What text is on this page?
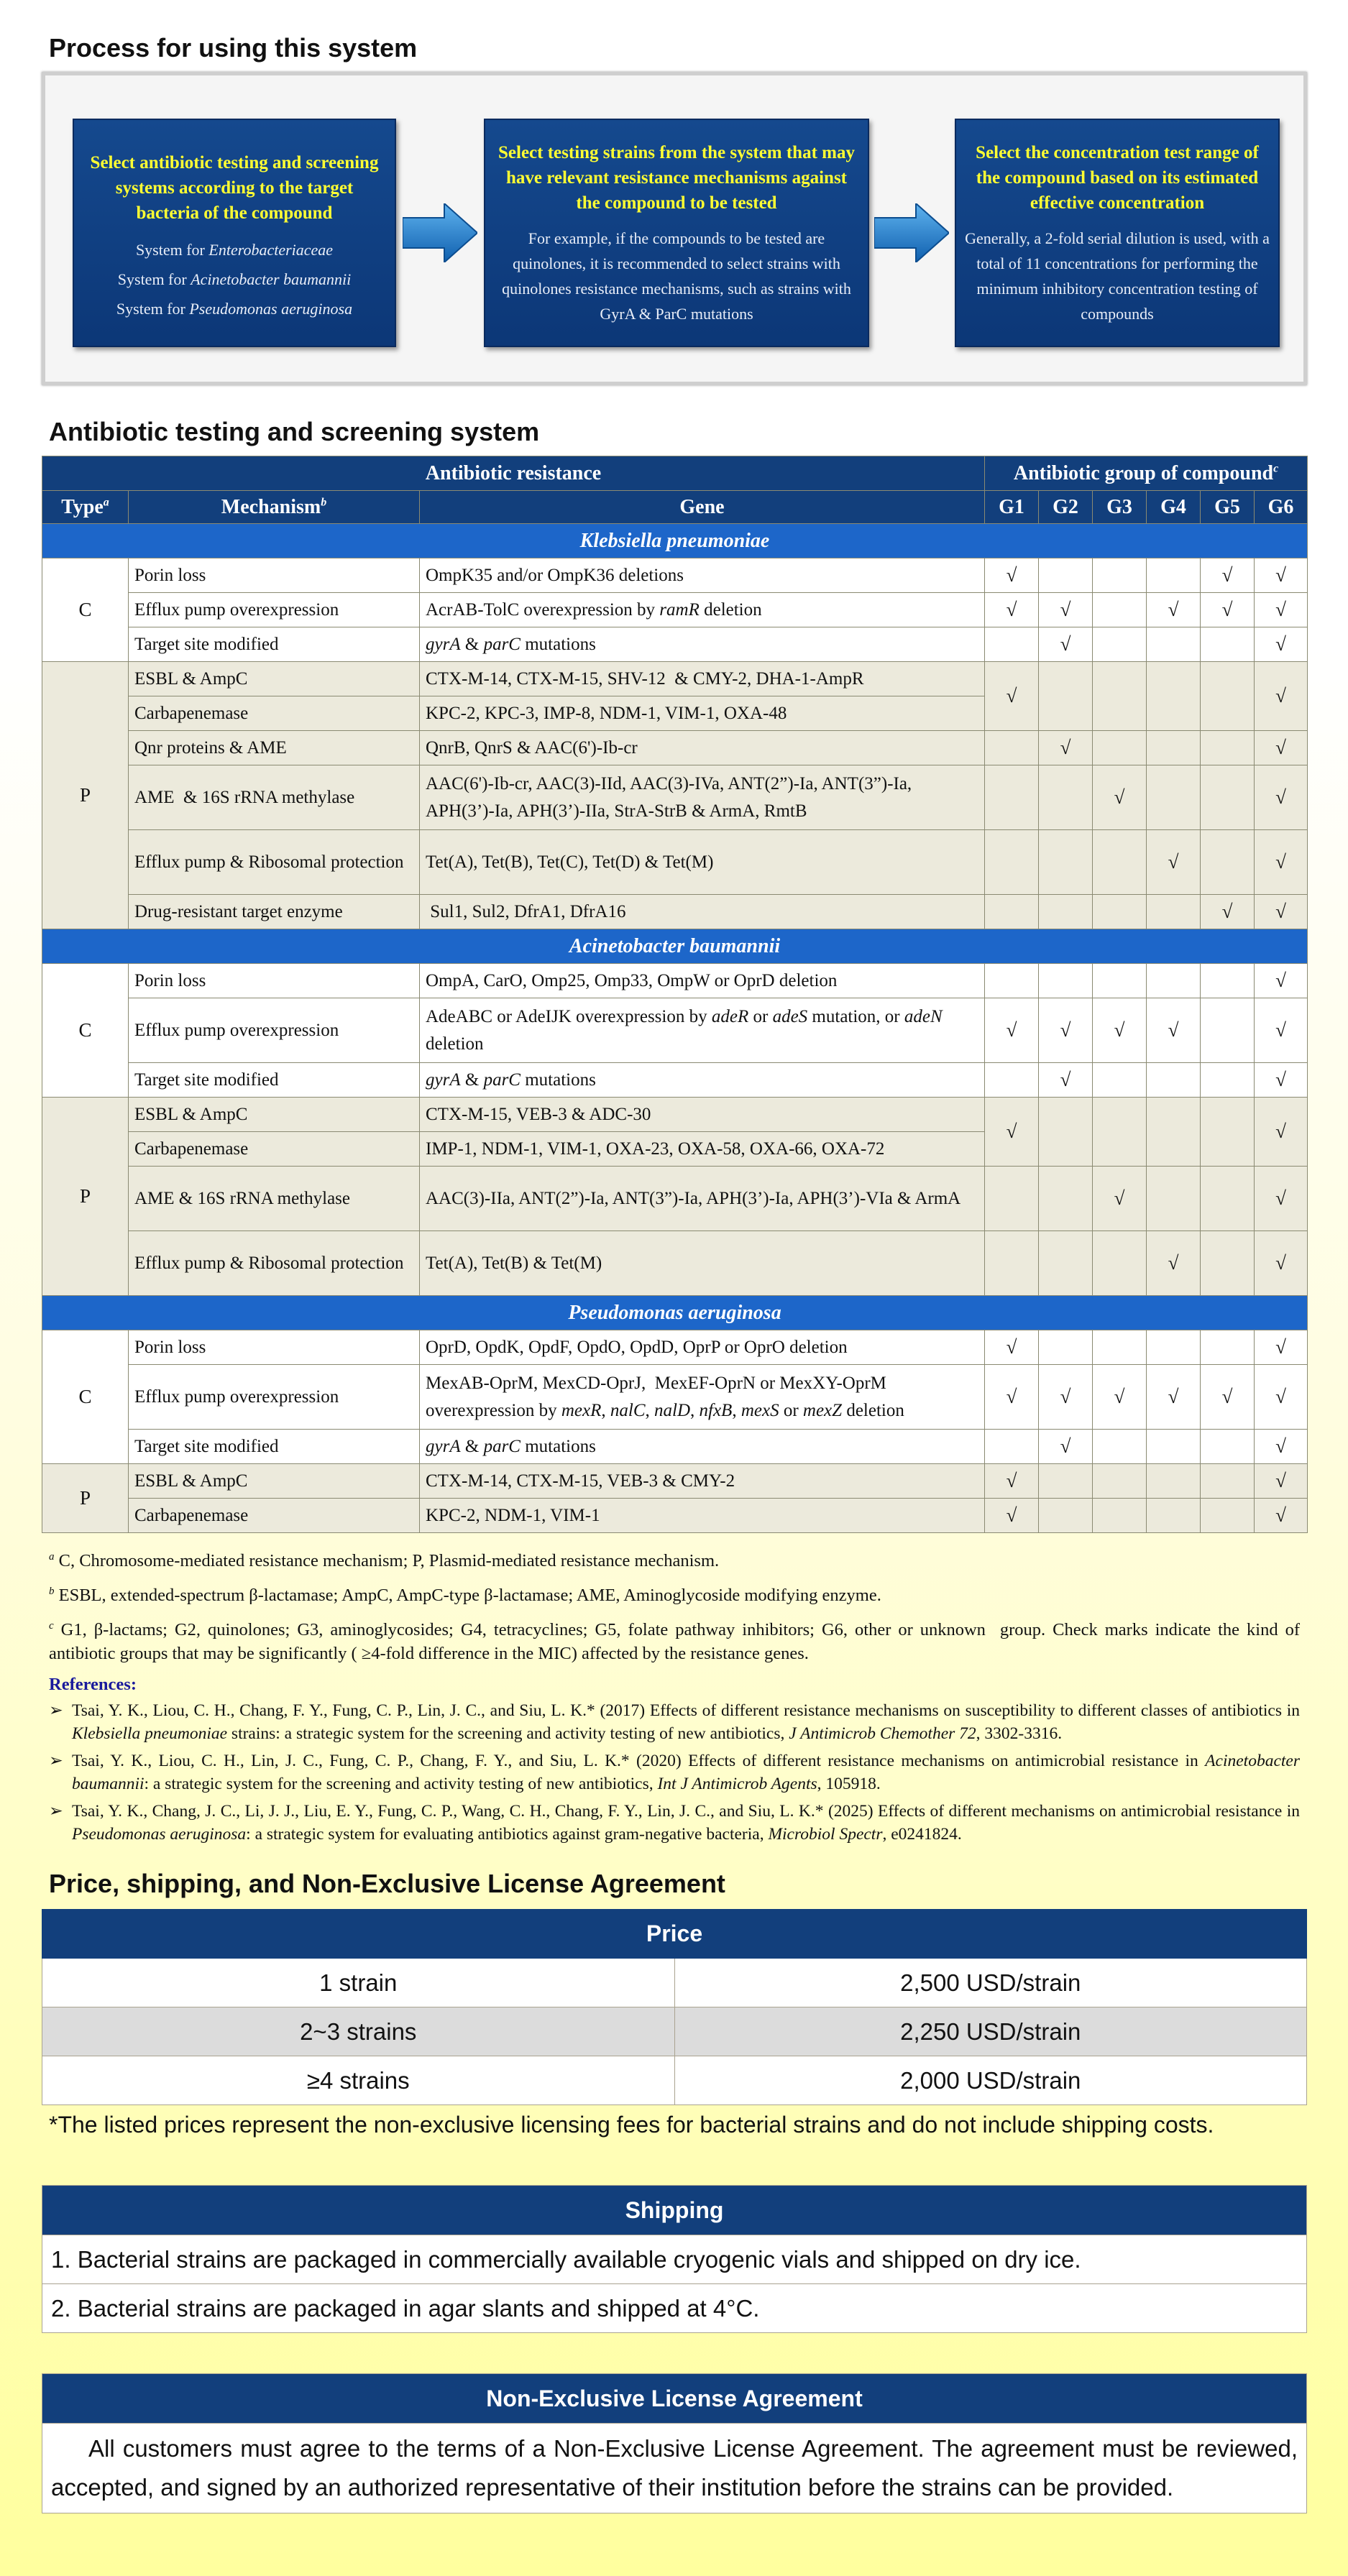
Process for using this system
Select antibiotic testing and screening systems according to the target bacteria of the compound
System for Enterobacteriaceae
System for Acinetobacter baumannii
System for Pseudomonas aeruginosa
Select testing strains from the system that may have relevant resistance mechanisms against the compound to be tested
For example, if the compounds to be tested are quinolones, it is recommended to select strains with quinolones resistance mechanisms, such as strains with GyrA & ParC mutations
Select the concentration test range of the compound based on its estimated effective concentration
Generally, a 2-fold serial dilution is used, with a total of 11 concentrations for performing the minimum inhibitory concentration testing of compounds
Antibiotic testing and screening system
Antibiotic resistance			Antibiotic group of compound$^c$
Type$^a$	Mechanism$^b$	Gene	G1	G2	G3	G4	G5	G6
Klebsiella pneumoniae								
C	Porin loss	OmpK35 and/or OmpK36 deletions	√				√	√
	Efflux pump overexpression	AcrAB-TolC overexpression by ramR deletion	√	√		√	√	√
	Target site modified	gyrA & parC mutations		√				√
P	ESBL & AmpC	CTX-M-14, CTX-M-15, SHV-12  & CMY-2, DHA-1-AmpR	√					√
	Carbapenemase	KPC-2, KPC-3, IMP-8, NDM-1, VIM-1, OXA-48						
	Qnr proteins & AME	QnrB, QnrS & AAC(6')-Ib-cr		√				√
	AME  & 16S rRNA methylase	AAC(6')-Ib-cr, AAC(3)-IId, AAC(3)-IVa, ANT(2”)-Ia, ANT(3”)-Ia, APH(3’)-Ia, APH(3’)-IIa, StrA-StrB & ArmA, RmtB			√			√
	Efflux pump & Ribosomal protection	Tet(A), Tet(B), Tet(C), Tet(D) & Tet(M)				√		√
	Drug-resistant target enzyme	Sul1, Sul2, DfrA1, DfrA16					√	√
Acinetobacter baumannii								
C	Porin loss	OmpA, CarO, Omp25, Omp33, OmpW or OprD deletion						√
	Efflux pump overexpression	AdeABC or AdeIJK overexpression by adeR or adeS mutation, or adeN deletion	√	√	√	√		√
	Target site modified	gyrA & parC mutations		√				√
P	ESBL & AmpC	CTX-M-15, VEB-3 & ADC-30	√					√
	Carbapenemase	IMP-1, NDM-1, VIM-1, OXA-23, OXA-58, OXA-66, OXA-72						
	AME & 16S rRNA methylase	AAC(3)-IIa, ANT(2”)-Ia, ANT(3”)-Ia, APH(3’)-Ia, APH(3’)-VIa & ArmA			√			√
	Efflux pump & Ribosomal protection	Tet(A), Tet(B) & Tet(M)				√		√
Pseudomonas aeruginosa								
C	Porin loss	OprD, OpdK, OpdF, OpdO, OpdD, OprP or OprO deletion	√					√
	Efflux pump overexpression	MexAB-OprM, MexCD-OprJ,  MexEF-OprN or MexXY-OprM overexpression by mexR, nalC, nalD, nfxB, mexS or mexZ deletion	√	√	√	√	√	√
	Target site modified	gyrA & parC mutations		√				√
P	ESBL & AmpC	CTX-M-14, CTX-M-15, VEB-3 & CMY-2	√					√
	Carbapenemase	KPC-2, NDM-1, VIM-1	√					√

$^a$ C, Chromosome-mediated resistance mechanism; P, Plasmid-mediated resistance mechanism.

$^b$ ESBL, extended-spectrum β-lactamase; AmpC, AmpC-type β-lactamase; AME, Aminoglycoside modifying enzyme.

$^c$ G1, β-lactams; G2, quinolones; G3, aminoglycosides; G4, tetracyclines; G5, folate pathway inhibitors; G6, other or unknown  group. Check marks indicate the kind of antibiotic groups that may be significantly ( ≥4-fold difference in the MIC) affected by the resistance genes.

References:

➢ Tsai, Y. K., Liou, C. H., Chang, F. Y., Fung, C. P., Lin, J. C., and Siu, L. K.* (2017) Effects of different resistance mechanisms on susceptibility to different classes of antibiotics in Klebsiella pneumoniae strains: a strategic system for the screening and activity testing of new antibiotics, J Antimicrob Chemother 72, 3302-3316.

➢ Tsai, Y. K., Liou, C. H., Lin, J. C., Fung, C. P., Chang, F. Y., and Siu, L. K.* (2020) Effects of different resistance mechanisms on antimicrobial resistance in Acinetobacter baumannii: a strategic system for the screening and activity testing of new antibiotics, Int J Antimicrob Agents, 105918.

➢ Tsai, Y. K., Chang, J. C., Li, J. J., Liu, E. Y., Fung, C. P., Wang, C. H., Chang, F. Y., Lin, J. C., and Siu, L. K.* (2025) Effects of different mechanisms on antimicrobial resistance in Pseudomonas aeruginosa: a strategic system for evaluating antibiotics against gram-negative bacteria, Microbiol Spectr, e0241824.

Price, shipping, and Non-Exclusive License Agreement
Price	
1 strain	2,500 USD/strain
2~3 strains	2,250 USD/strain
≥4 strains	2,000 USD/strain
*The listed prices represent the non-exclusive licensing fees for bacterial strains and do not include shipping costs.
Shipping
1. Bacterial strains are packaged in commercially available cryogenic vials and shipped on dry ice.
2. Bacterial strains are packaged in agar slants and shipped at 4°C.
Non-Exclusive License Agreement
All customers must agree to the terms of a Non-Exclusive License Agreement. The agreement must be reviewed, accepted, and signed by an authorized representative of their institution before the strains can be provided.
